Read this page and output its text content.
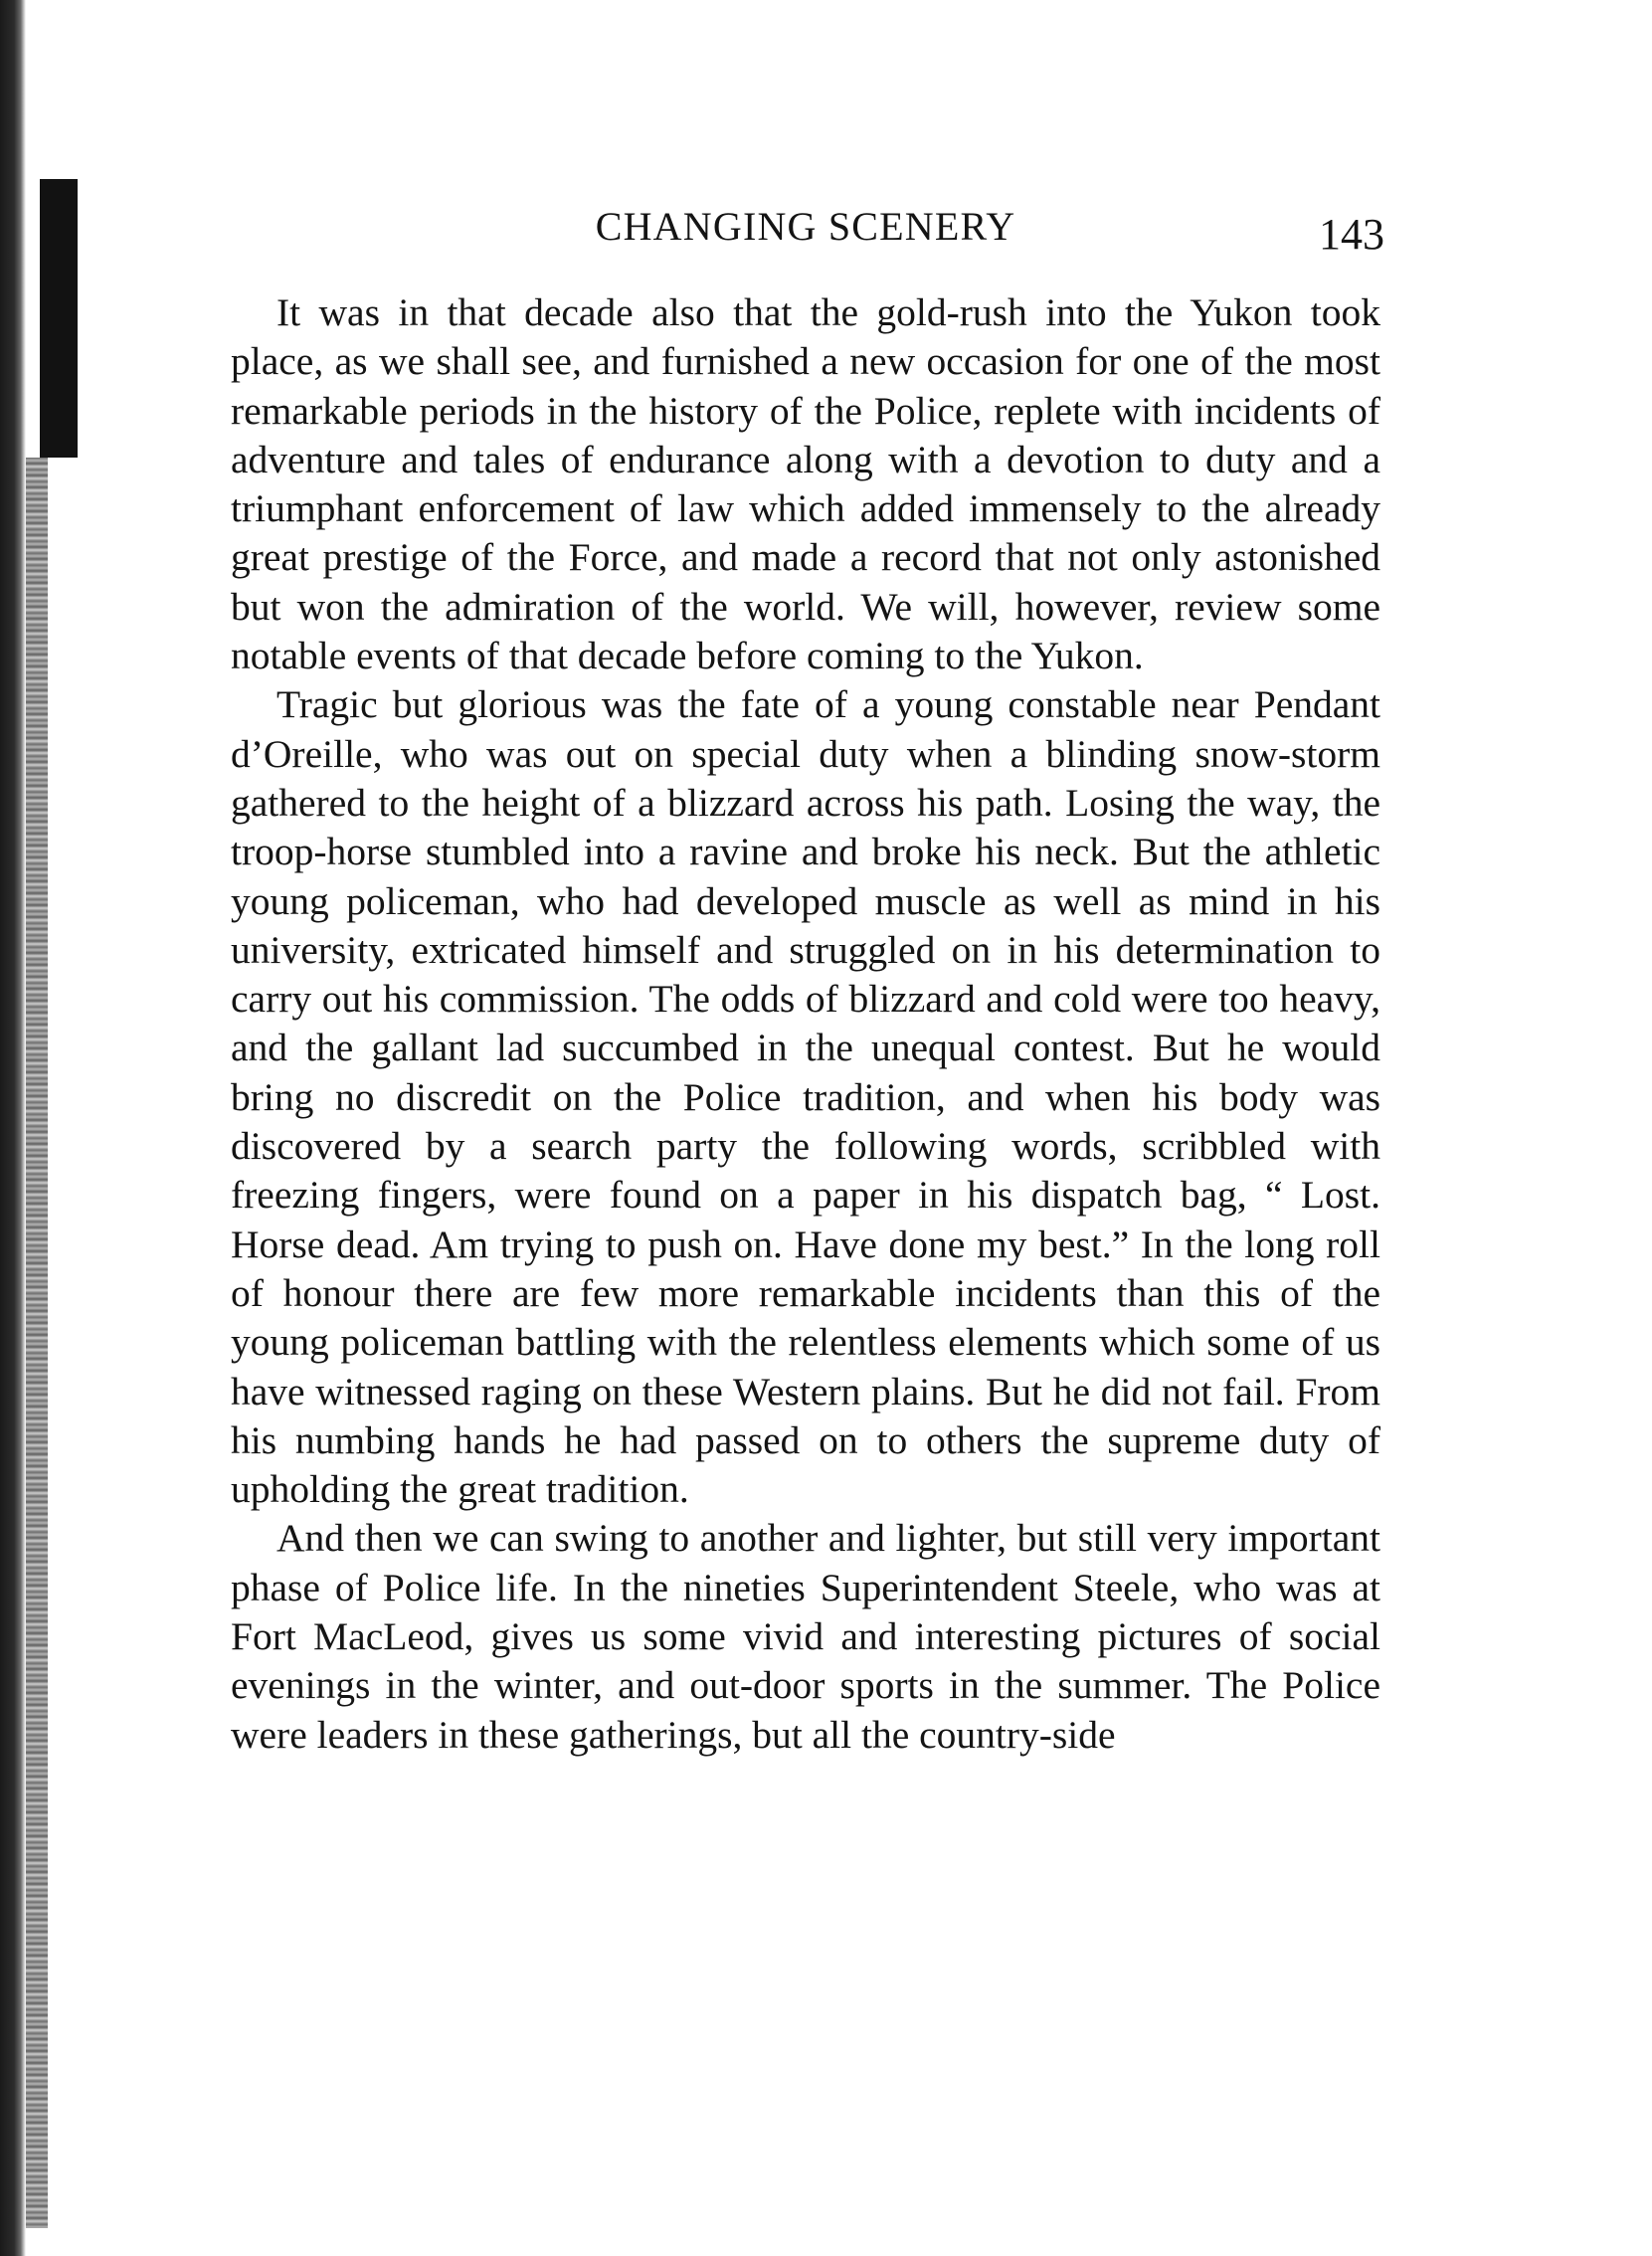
CHANGING SCENERY	143

It was in that decade also that the gold-rush into the Yukon took place, as we shall see, and furnished a new occasion for one of the most remarkable periods in the history of the Police, replete with incidents of adventure and tales of endurance along with a devotion to duty and a triumphant enforcement of law which added immensely to the already great prestige of the Force, and made a record that not only astonished but won the admiration of the world. We will, however, review some notable events of that decade before coming to the Yukon.

Tragic but glorious was the fate of a young constable near Pendant d’Oreille, who was out on special duty when a blinding snow-storm gathered to the height of a blizzard across his path. Losing the way, the troop-horse stumbled into a ravine and broke his neck. But the athletic young policeman, who had developed muscle as well as mind in his university, extricated himself and struggled on in his determination to carry out his commission. The odds of blizzard and cold were too heavy, and the gallant lad succumbed in the unequal contest. But he would bring no discredit on the Police tradition, and when his body was discovered by a search party the following words, scribbled with freezing fingers, were found on a paper in his dispatch bag, “ Lost. Horse dead. Am trying to push on. Have done my best.” In the long roll of honour there are few more remarkable incidents than this of the young policeman battling with the relentless elements which some of us have witnessed raging on these Western plains. But he did not fail. From his numbing hands he had passed on to others the supreme duty of upholding the great tradition.

And then we can swing to another and lighter, but still very important phase of Police life. In the nineties Superintendent Steele, who was at Fort MacLeod, gives us some vivid and interesting pictures of social evenings in the winter, and out-door sports in the summer. The Police were leaders in these gatherings, but all the country-side
